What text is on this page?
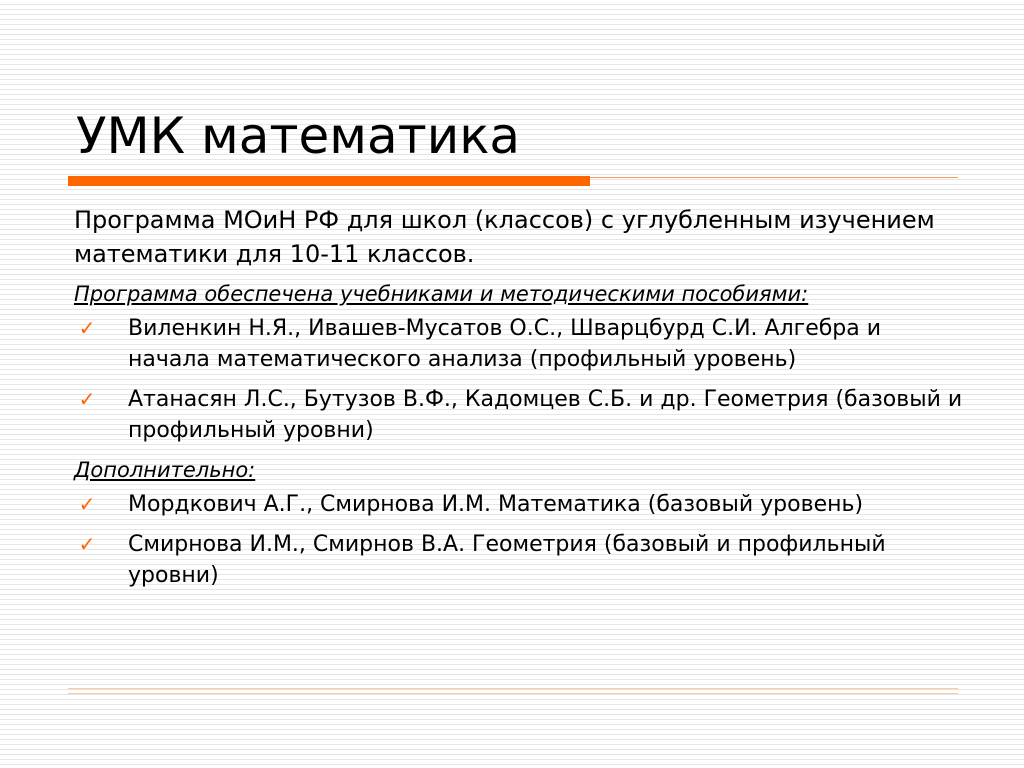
УМК математика

Программа МОиН РФ для школ (классов) с углубленным изучением математики для 10-11 классов.

Программа обеспечена учебниками и методическими пособиями:

✓ Виленкин Н.Я., Ивашев-Мусатов О.С., Шварцбурд С.И. Алгебра и начала математического анализа (профильный уровень)
✓ Атанасян Л.С., Бутузов В.Ф., Кадомцев С.Б. и др. Геометрия (базовый и профильный уровни)

Дополнительно:

✓ Мордкович А.Г., Смирнова И.М. Математика (базовый уровень)
✓ Смирнова И.М., Смирнов В.А. Геометрия (базовый и профильный уровни)
